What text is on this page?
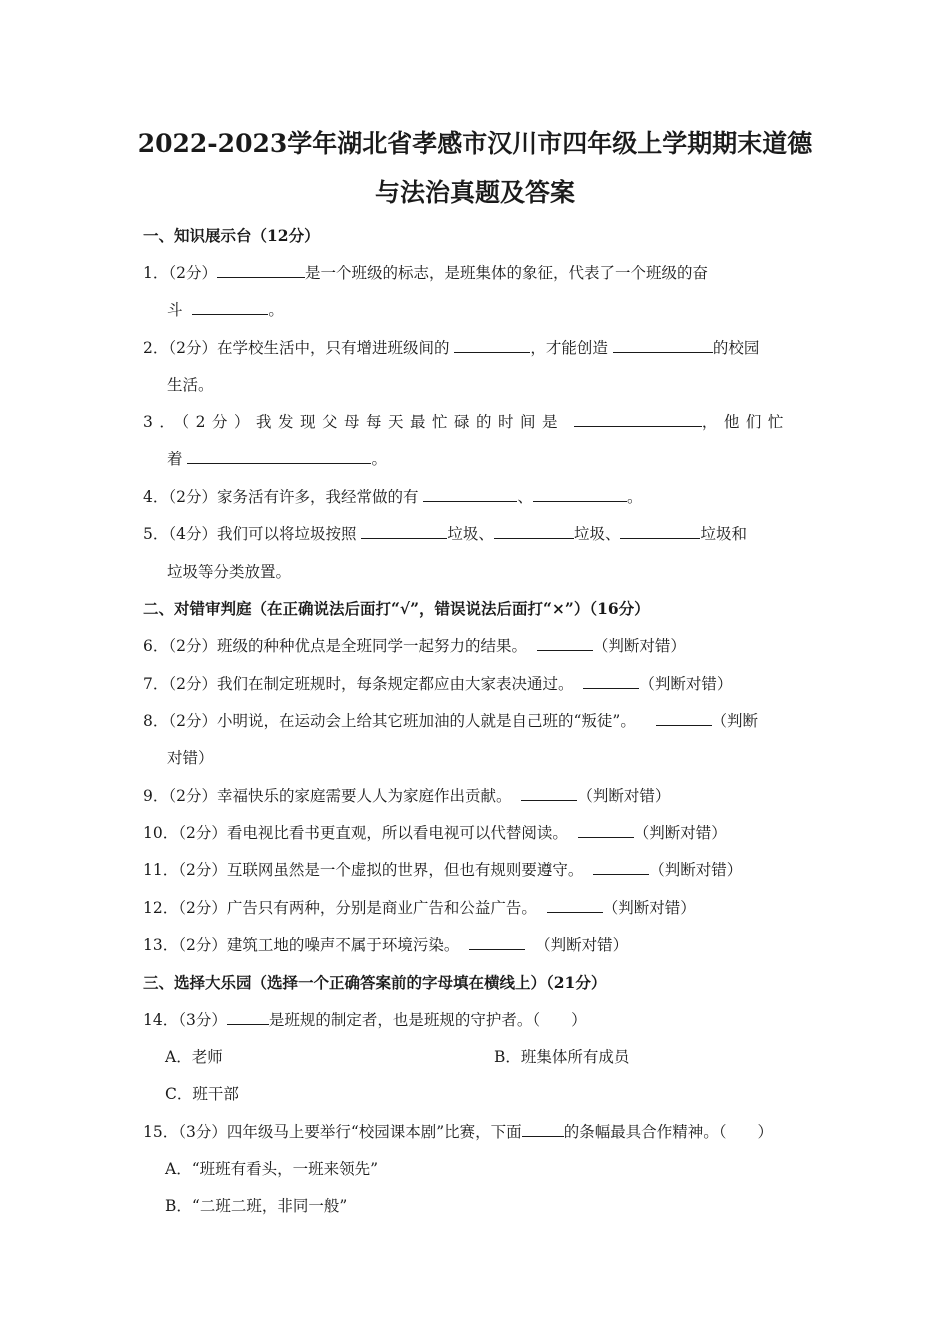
2022-2023学年湖北省孝感市汉川市四年级上学期期末道德
与法治真题及答案
一、知识展示台（12分）
1．（2分）	是一个班级的标志，是班集体的象征，代表了一个班级的奋
斗	。
2．（2分）在学校生活中，只有增进班级间的	，才能创造	的校园
生活。
3．（2分）我发现父母每天最忙碌的时间是	，他们忙
着	。
4．（2分）家务活有许多，我经常做的有	、	。
5．（4分）我们可以将垃圾按照	垃圾、	垃圾、	垃圾和
垃圾等分类放置。
二、对错审判庭（在正确说法后面打“√”，错误说法后面打“×”）（16分）
6．（2分）班级的种种优点是全班同学一起努力的结果。	（判断对错）
7．（2分）我们在制定班规时，每条规定都应由大家表决通过。	（判断对错）
8．（2分）小明说，在运动会上给其它班加油的人就是自己班的“叛徒”。	（判断
对错）
9．（2分）幸福快乐的家庭需要人人为家庭作出贡献。	（判断对错）
10．（2分）看电视比看书更直观，所以看电视可以代替阅读。	（判断对错）
11．（2分）互联网虽然是一个虚拟的世界，但也有规则要遵守。	（判断对错）
12．（2分）广告只有两种，分别是商业广告和公益广告。	（判断对错）
13．（2分）建筑工地的噪声不属于环境污染。	（判断对错）
三、选择大乐园（选择一个正确答案前的字母填在横线上）（21分）
14．（3分）	是班规的制定者，也是班规的守护者。（　　）
A．老师	B．班集体所有成员
C．班干部
15．（3分）四年级马上要举行“校园课本剧”比赛，下面	的条幅最具合作精神。（　　）
A．“班班有看头，一班来领先”
B．“二班二班，非同一般”
